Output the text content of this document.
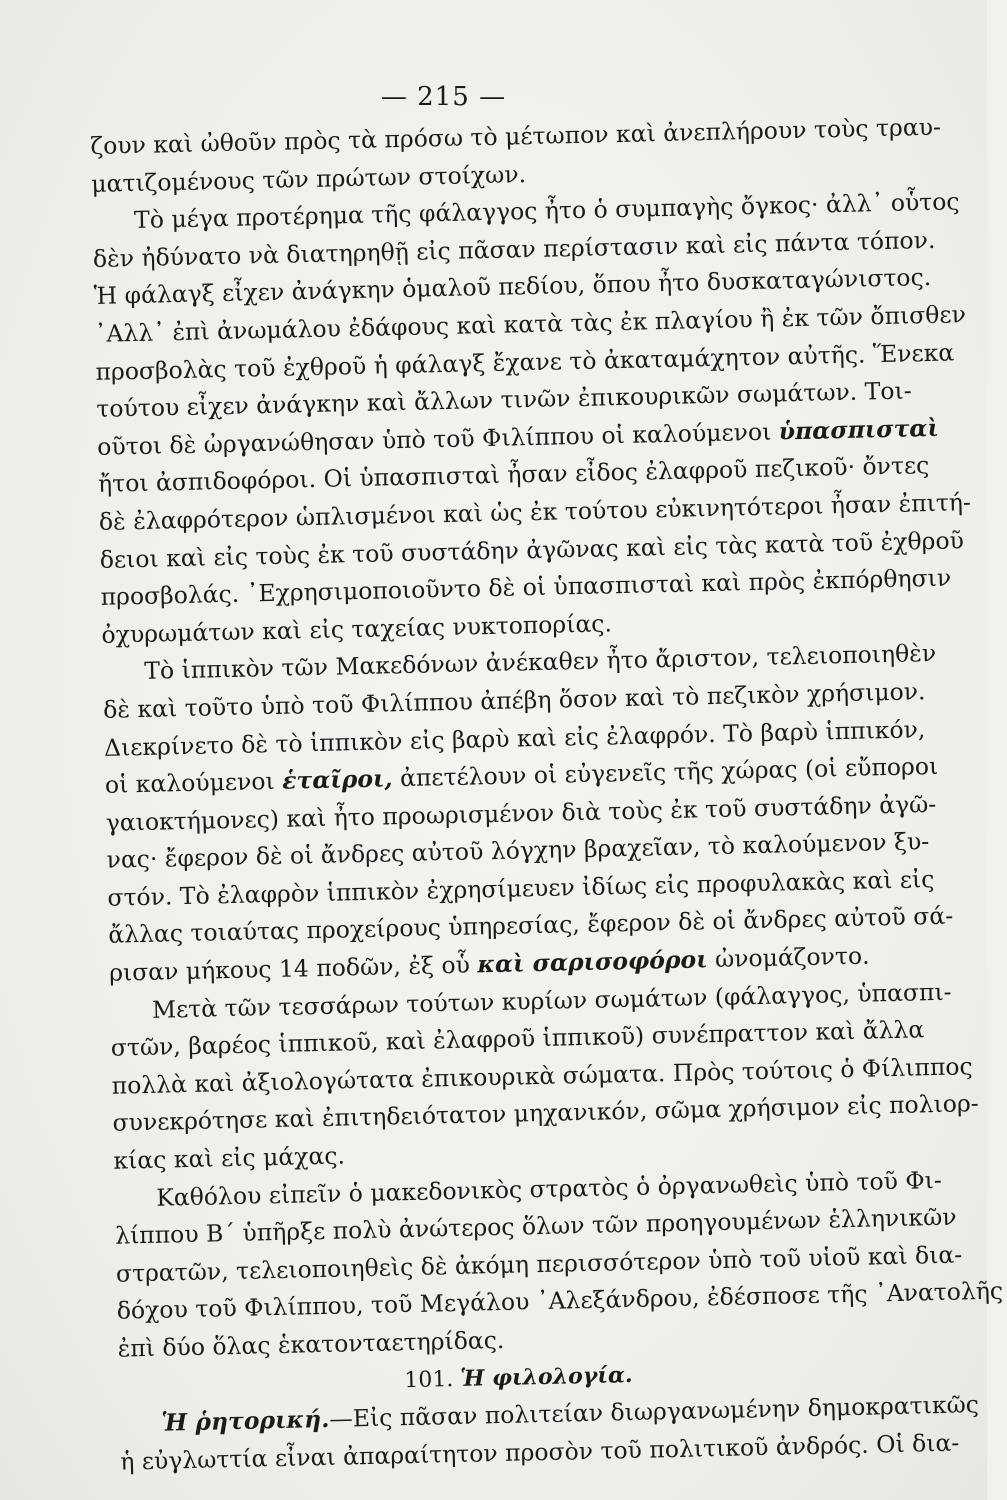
— 215 —
ζουν καὶ ὠθοῦν πρὸς τὰ πρόσω τὸ μέτωπον καὶ ἀνεπλήρουν τοὺς τραυ-
ματιζομένους τῶν πρώτων στοίχων.
Τὸ μέγα προτέρημα τῆς φάλαγγος ἦτο ὁ συμπαγὴς ὄγκος· ἀλλ᾿ οὗτος
δὲν ἠδύνατο νὰ διατηρηθῇ εἰς πᾶσαν περίστασιν καὶ εἰς πάντα τόπον.
Ἡ φάλαγξ εἶχεν ἀνάγκην ὁμαλοῦ πεδίου, ὅπου ἦτο δυσκαταγώνιστος.
᾿Αλλ᾿ ἐπὶ ἀνωμάλου ἐδάφους καὶ κατὰ τὰς ἐκ πλαγίου ἢ ἐκ τῶν ὄπισθεν
προσβολὰς τοῦ ἐχθροῦ ἡ φάλαγξ ἔχανε τὸ ἀκαταμάχητον αὐτῆς. Ἕνεκα
τούτου εἶχεν ἀνάγκην καὶ ἄλλων τινῶν ἐπικουρικῶν σωμάτων. Τοι-
οῦτοι δὲ ὠργανώθησαν ὑπὸ τοῦ Φιλίππου οἱ καλούμενοι ὑπασπισταὶ
ἤτοι ἀσπιδοφόροι. Οἱ ὑπασπισταὶ ἦσαν εἶδος ἐλαφροῦ πεζικοῦ· ὄντες
δὲ ἐλαφρότερον ὡπλισμένοι καὶ ὡς ἐκ τούτου εὐκινητότεροι ἦσαν ἐπιτή-
δειοι καὶ εἰς τοὺς ἐκ τοῦ συστάδην ἀγῶνας καὶ εἰς τὰς κατὰ τοῦ ἐχθροῦ
προσβολάς. ᾿Εχρησιμοποιοῦντο δὲ οἱ ὑπασπισταὶ καὶ πρὸς ἐκπόρθησιν
ὀχυρωμάτων καὶ εἰς ταχείας νυκτοπορίας.
Τὸ ἱππικὸν τῶν Μακεδόνων ἀνέκαθεν ἦτο ἄριστον, τελειοποιηθὲν
δὲ καὶ τοῦτο ὑπὸ τοῦ Φιλίππου ἀπέβη ὅσον καὶ τὸ πεζικὸν χρήσιμον.
Διεκρίνετο δὲ τὸ ἱππικὸν εἰς βαρὺ καὶ εἰς ἐλαφρόν. Τὸ βαρὺ ἱππικόν,
οἱ καλούμενοι ἑταῖροι, ἀπετέλουν οἱ εὐγενεῖς τῆς χώρας (οἱ εὔποροι
γαιοκτήμονες) καὶ ἦτο προωρισμένον διὰ τοὺς ἐκ τοῦ συστάδην ἀγῶ-
νας· ἔφερον δὲ οἱ ἄνδρες αὐτοῦ λόγχην βραχεῖαν, τὸ καλούμενον ξυ-
στόν. Τὸ ἐλαφρὸν ἱππικὸν ἐχρησίμευεν ἰδίως εἰς προφυλακὰς καὶ εἰς
ἄλλας τοιαύτας προχείρους ὑπηρεσίας, ἔφερον δὲ οἱ ἄνδρες αὐτοῦ σά-
ρισαν μήκους 14 ποδῶν, ἐξ οὗ καὶ σαρισοφόροι ὠνομάζοντο.
Μετὰ τῶν τεσσάρων τούτων κυρίων σωμάτων (φάλαγγος, ὑπασπι-
στῶν, βαρέος ἱππικοῦ, καὶ ἐλαφροῦ ἱππικοῦ) συνέπραττον καὶ ἄλλα
πολλὰ καὶ ἀξιολογώτατα ἐπικουρικὰ σώματα. Πρὸς τούτοις ὁ Φίλιππος
συνεκρότησε καὶ ἐπιτηδειότατον μηχανικόν, σῶμα χρήσιμον εἰς πολιορ-
κίας καὶ εἰς μάχας.
Καθόλου εἰπεῖν ὁ μακεδονικὸς στρατὸς ὁ ὀργανωθεὶς ὑπὸ τοῦ Φι-
λίππου Β΄ ὑπῆρξε πολὺ ἀνώτερος ὅλων τῶν προηγουμένων ἑλληνικῶν
στρατῶν, τελειοποιηθεὶς δὲ ἀκόμη περισσότερον ὑπὸ τοῦ υἱοῦ καὶ δια-
δόχου τοῦ Φιλίππου, τοῦ Μεγάλου ᾿Αλεξάνδρου, ἐδέσποσε τῆς ᾿Ανατολῆς
ἐπὶ δύο ὅλας ἑκατονταετηρίδας.
101. Ἡ φιλολογία.
Ἡ ῥητορική.—Εἰς πᾶσαν πολιτείαν διωργανωμένην δημοκρατικῶς
ἡ εὐγλωττία εἶναι ἀπαραίτητον προσὸν τοῦ πολιτικοῦ ἀνδρός. Οἱ δια-
